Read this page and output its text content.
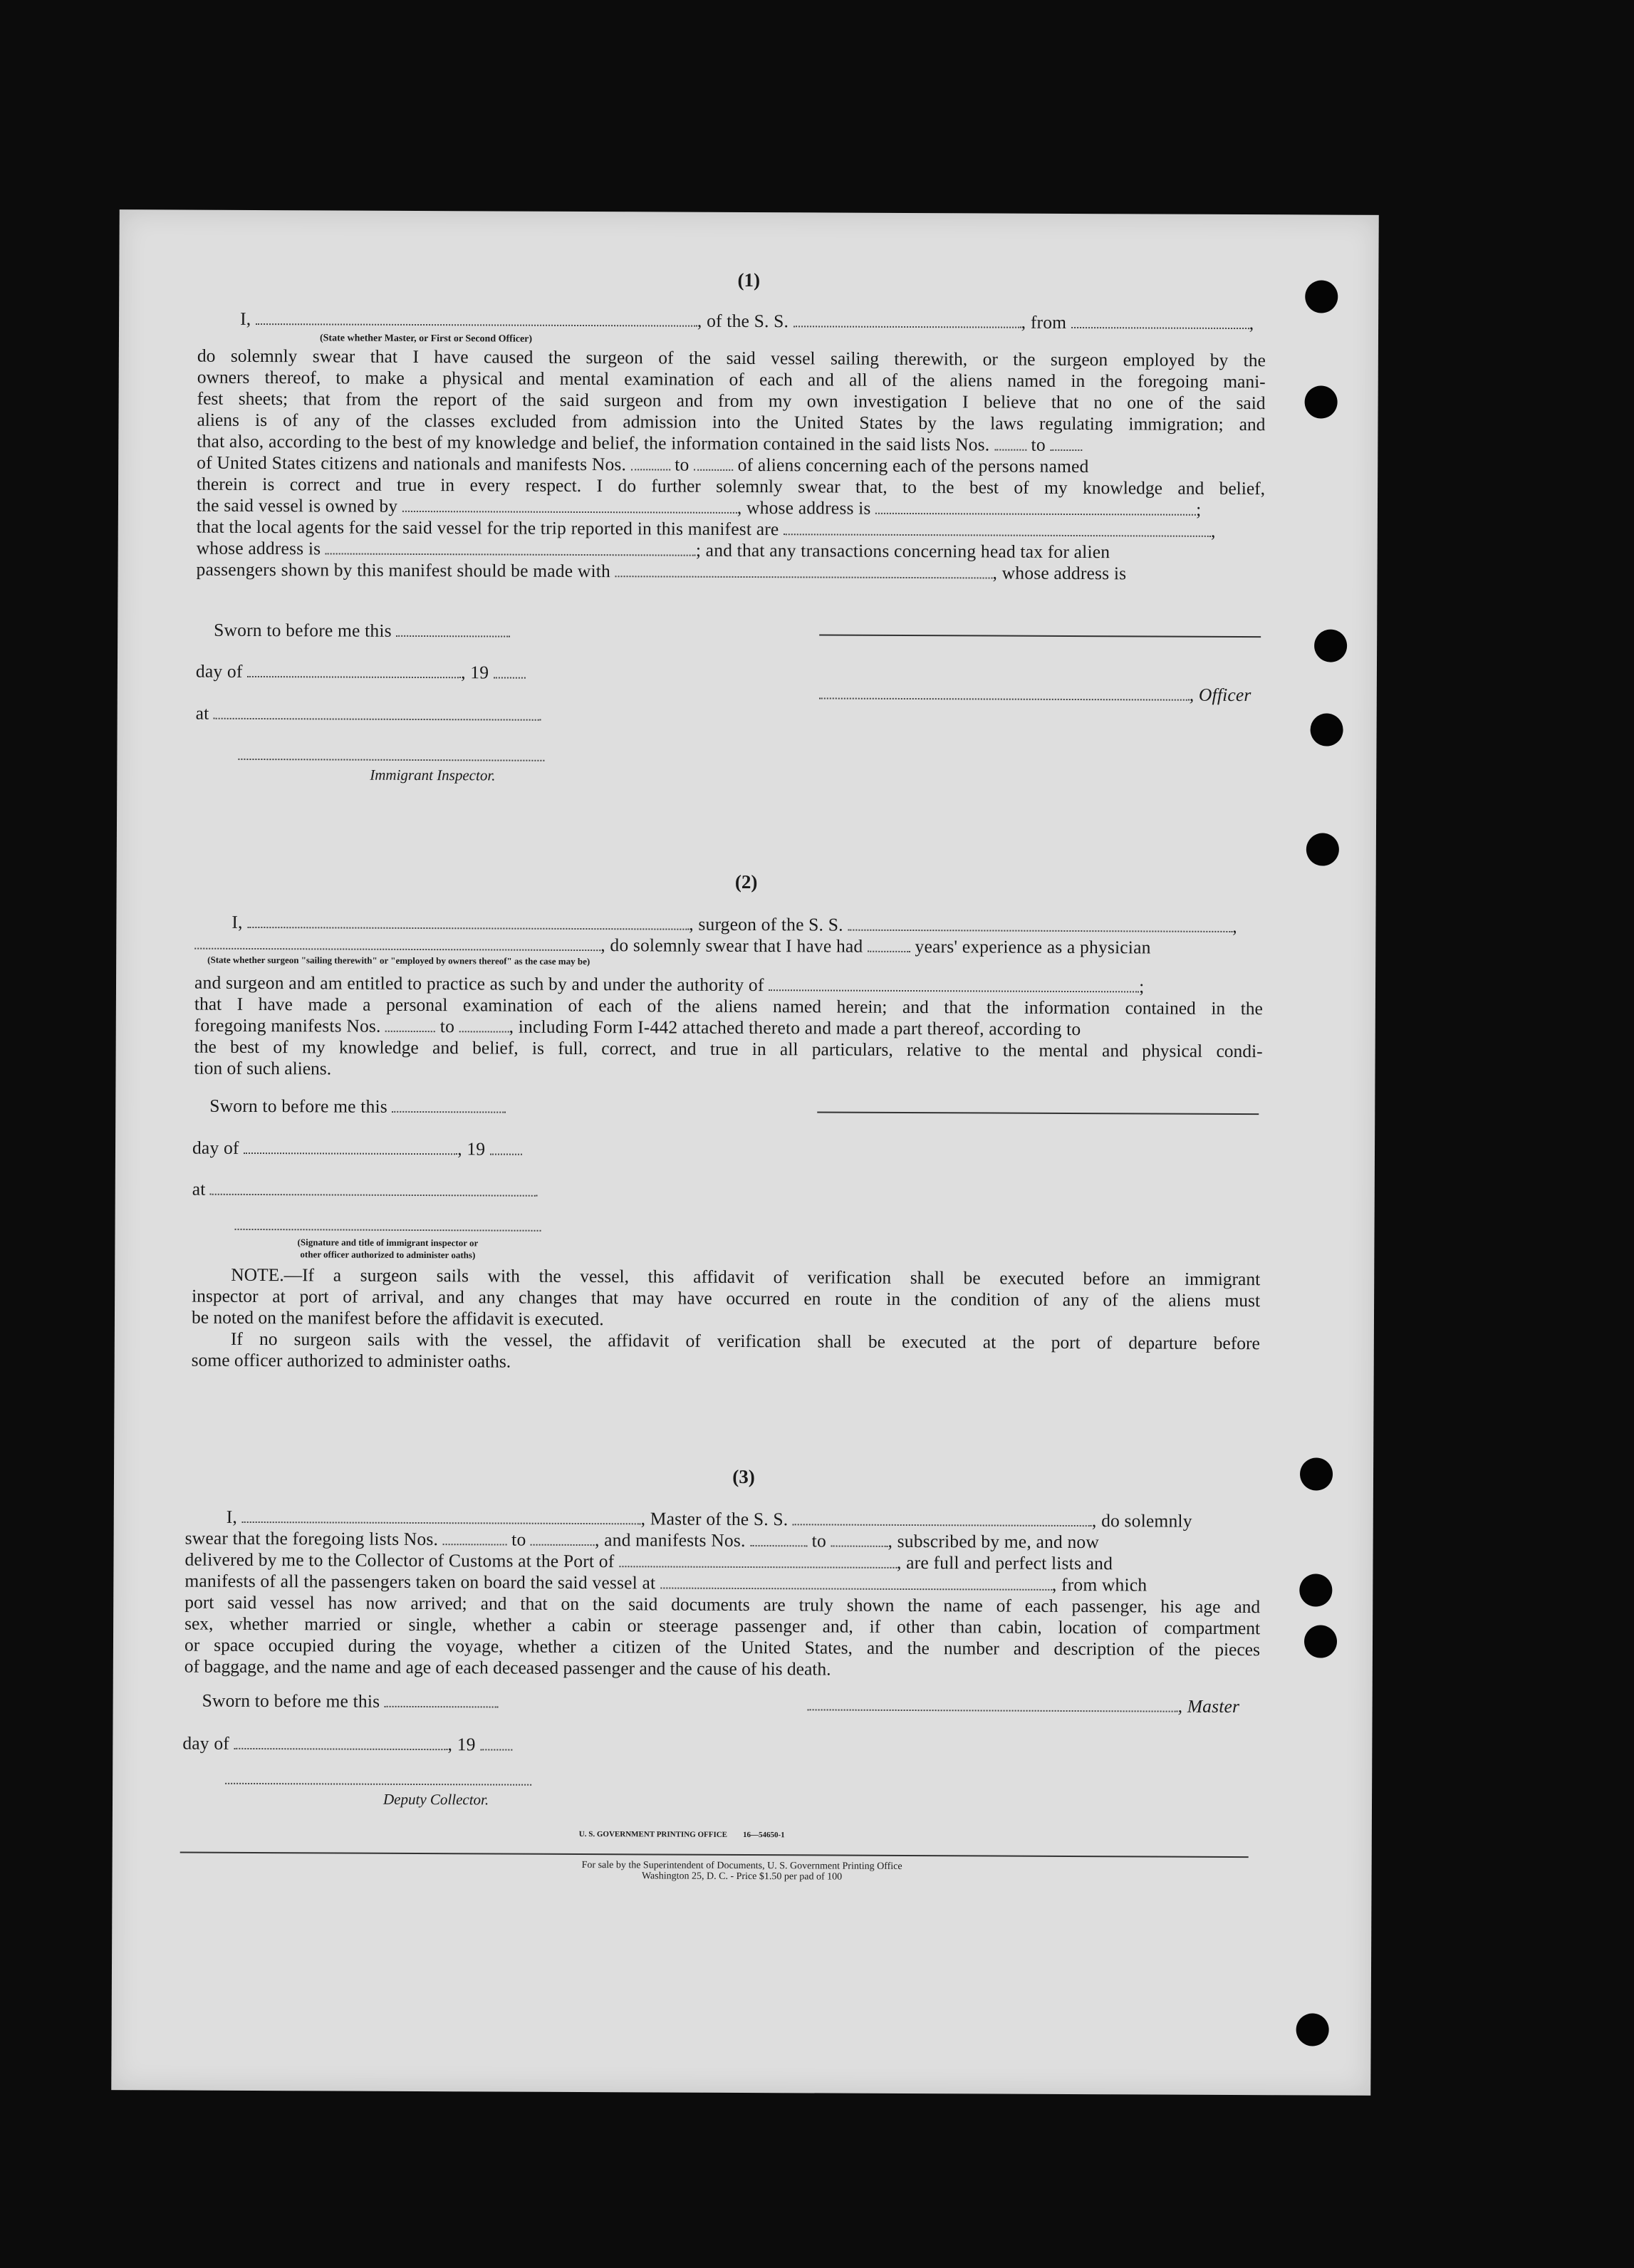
(1)
I,	, of the S. S.	, from	,
(State whether Master, or First or Second Officer)

do solemnly swear that I have caused the surgeon of the said vessel sailing therewith, or the surgeon employed by the

owners thereof, to make a physical and mental examination of each and all of the aliens named in the foregoing mani-

fest sheets; that from the report of the said surgeon and from my own investigation I believe that no one of the said

aliens is of any of the classes excluded from admission into the United States by the laws regulating immigration; and

that also, according to the best of my knowledge and belief, the information contained in the said lists Nos. to
of United States citizens and nationals and manifests Nos.	to	of aliens concerning each of the persons named

therein is correct and true in every respect. I do further solemnly swear that, to the best of my knowledge and belief,

the said vessel is owned by	, whose address is	;
that the local agents for the said vessel for the trip reported in this manifest are	,
whose address is	; and that any transactions concerning head tax for alien
passengers shown by this manifest should be made with	, whose address is
Sworn to before me this
day of	, 19
at
Immigrant Inspector.
, Officer
(2)
I,	, surgeon of the S. S.	,
, do solemnly swear that I have had	years' experience as a physician
(State whether surgeon "sailing therewith" or "employed by owners thereof" as the case may be)
and surgeon and am entitled to practice as such by and under the authority of	;

that I have made a personal examination of each of the aliens named herein; and that the information contained in the

foregoing manifests Nos.	to	, including Form I-442 attached thereto and made a part thereof, according to

the best of my knowledge and belief, is full, correct, and true in all particulars, relative to the mental and physical condi-

tion of such aliens.

Sworn to before me this
day of	, 19
at
(Signature and title of immigrant inspector or
other officer authorized to administer oaths)

NOTE.—If a surgeon sails with the vessel, this affidavit of verification shall be executed before an immigrant

inspector at port of arrival, and any changes that may have occurred en route in the condition of any of the aliens must

be noted on the manifest before the affidavit is executed.

If no surgeon sails with the vessel, the affidavit of verification shall be executed at the port of departure before

some officer authorized to administer oaths.

(3)
I,	, Master of the S. S.	, do solemnly
swear that the foregoing lists Nos.	to	, and manifests Nos.	to	, subscribed by me, and now
delivered by me to the Collector of Customs at the Port of	, are full and perfect lists and
manifests of all the passengers taken on board the said vessel at	, from which

port said vessel has now arrived; and that on the said documents are truly shown the name of each passenger, his age and

sex, whether married or single, whether a cabin or steerage passenger and, if other than cabin, location of compartment

or space occupied during the voyage, whether a citizen of the United States, and the number and description of the pieces

of baggage, and the name and age of each deceased passenger and the cause of his death.

Sworn to before me this	, Master
day of	, 19
Deputy Collector.
U. S. GOVERNMENT PRINTING OFFICE        16—54650-1
For sale by the Superintendent of Documents, U. S. Government Printing Office
Washington 25, D. C. - Price $1.50 per pad of 100
